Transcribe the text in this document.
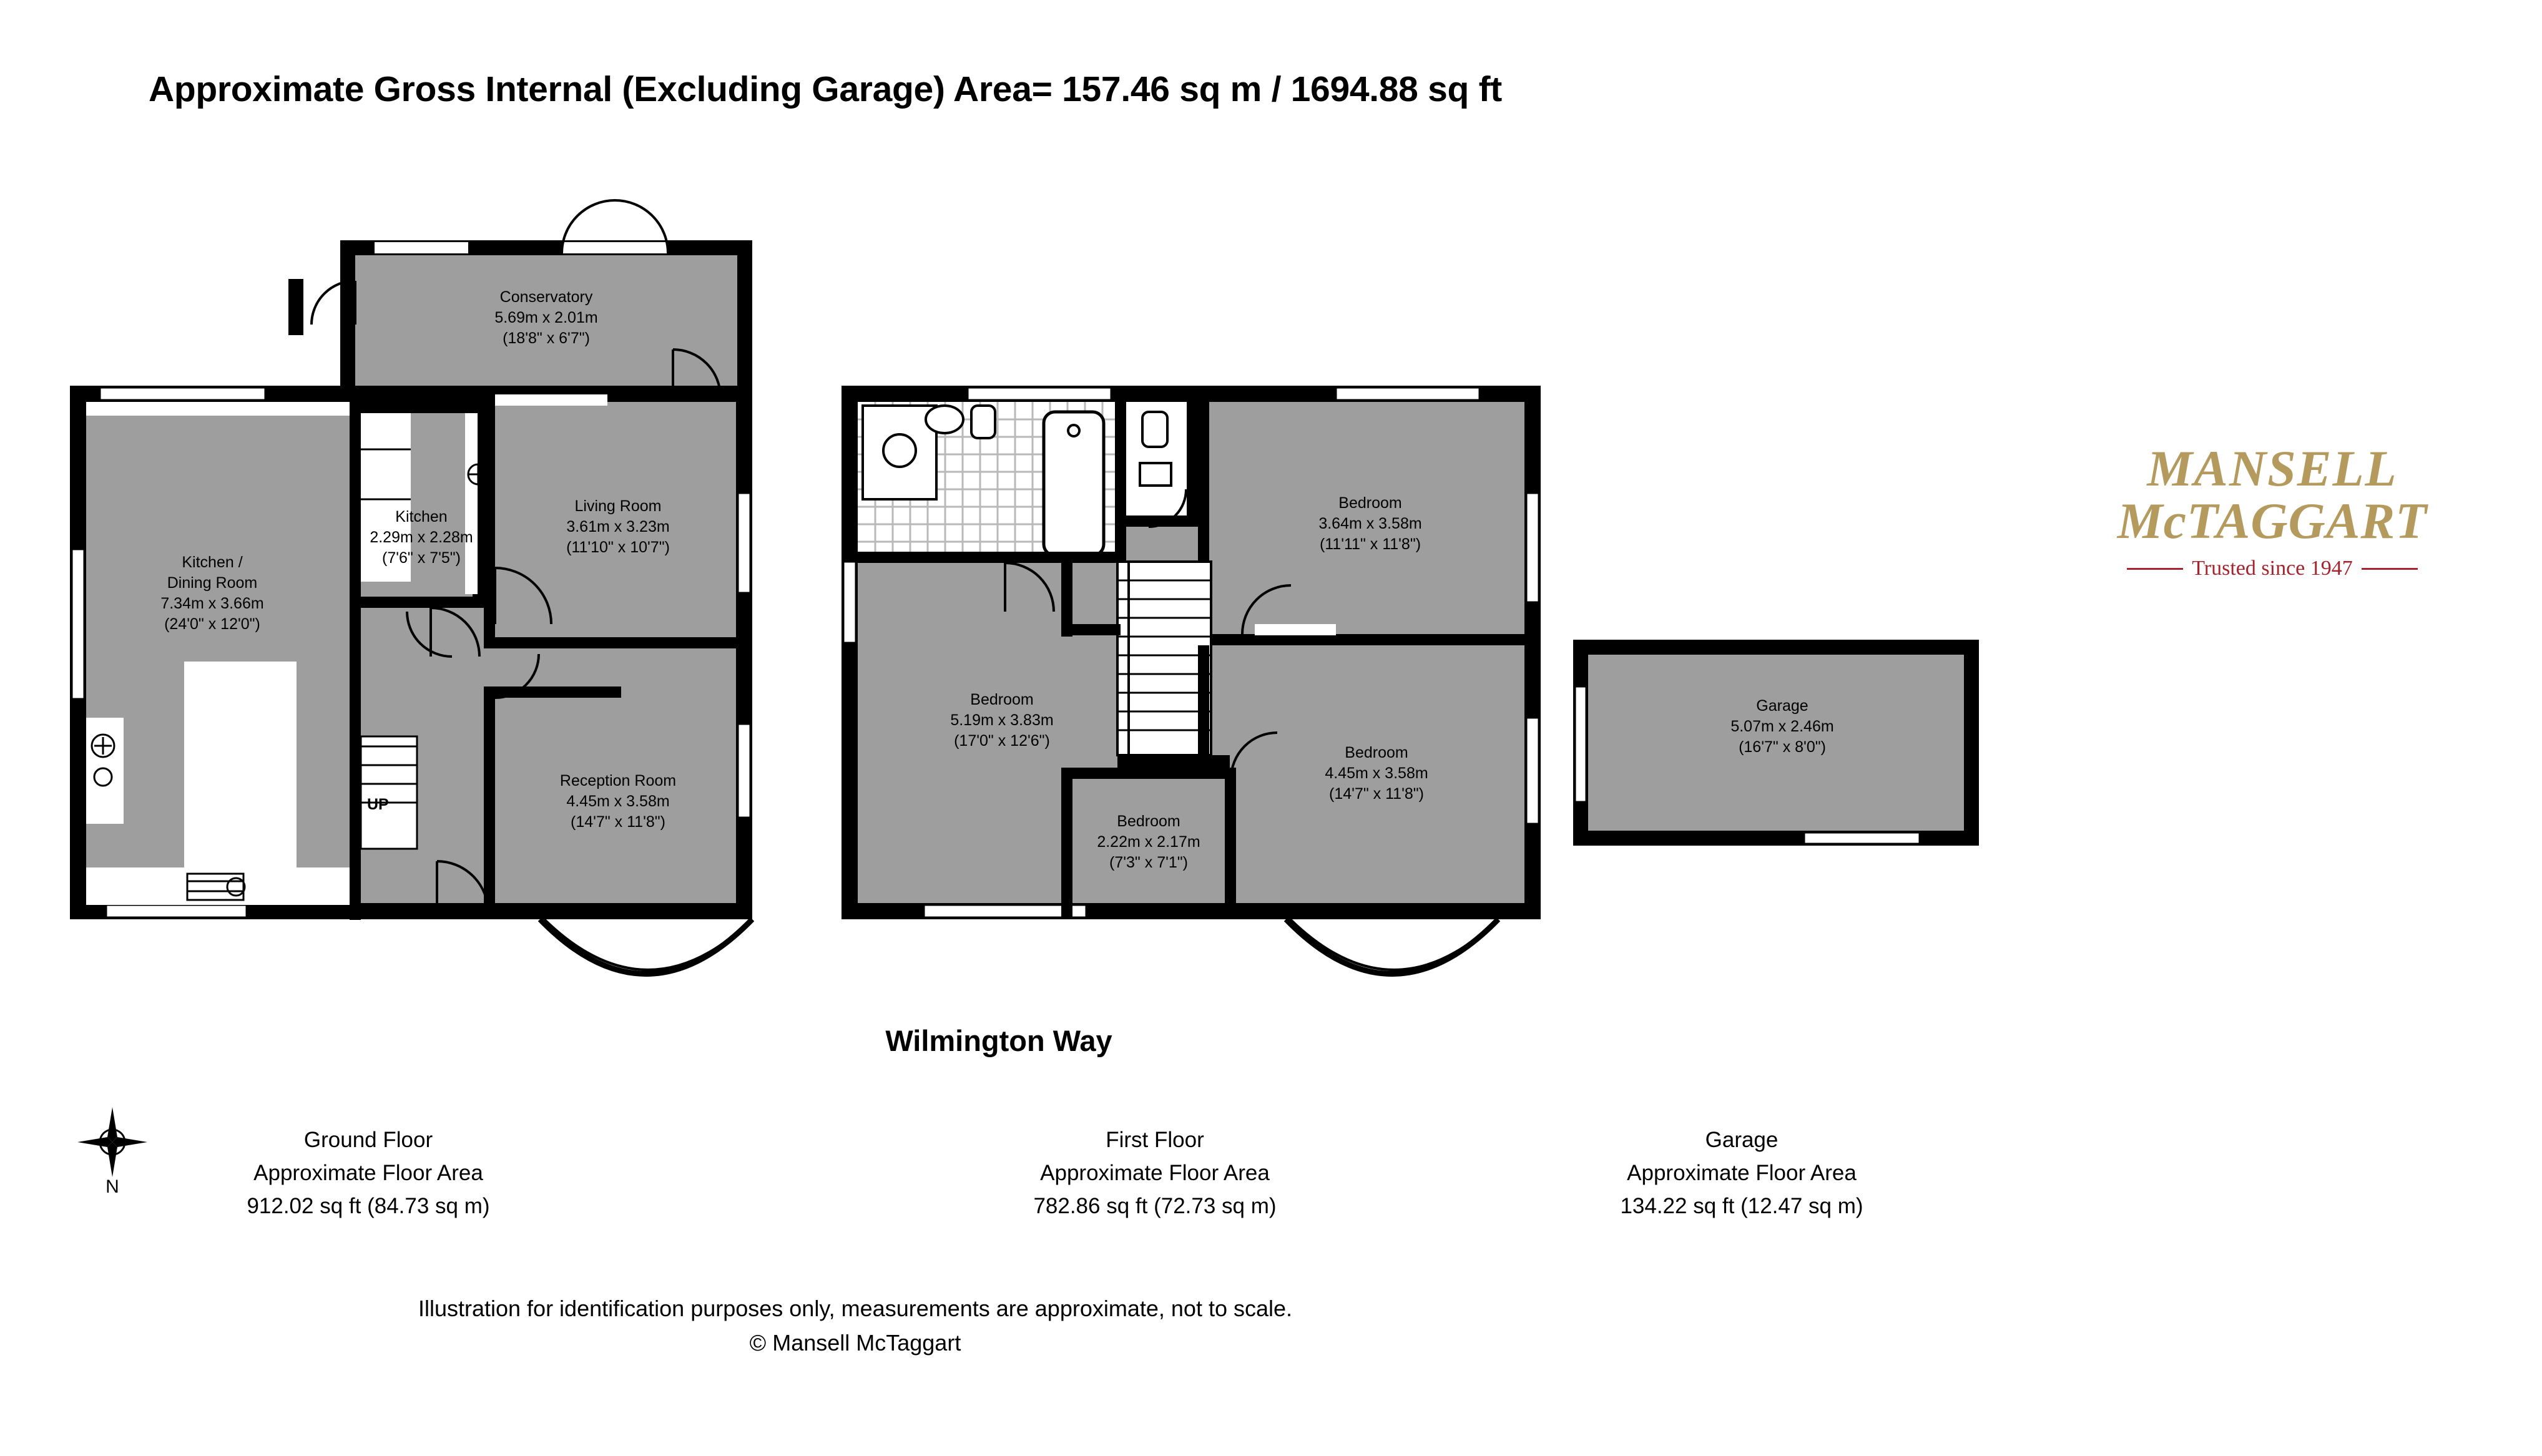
Approximate Gross Internal (Excluding Garage) Area= 157.46 sq m / 1694.88 sq ft
Conservatory
5.69m x 2.01m
(18'8" x 6'7")
Kitchen
2.29m x 2.28m
(7'6" x 7'5")
Living Room
3.61m x 3.23m
(11'10" x 10'7")
Kitchen /
Dining Room
7.34m x 3.66m
(24'0" x 12'0")
Reception Room
4.45m x 3.58m
(14'7" x 11'8")
UP
Bedroom
3.64m x 3.58m
(11'11" x 11'8")
Bedroom
5.19m x 3.83m
(17'0" x 12'6")
Bedroom
4.45m x 3.58m
(14'7" x 11'8")
Bedroom
2.22m x 2.17m
(7'3" x 7'1")
Garage
5.07m x 2.46m
(16'7" x 8'0")
MANSELL
McTAGGART
Trusted since 1947
Wilmington Way
N
Ground Floor
Approximate Floor Area
912.02 sq ft (84.73 sq m)
First Floor
Approximate Floor Area
782.86 sq ft (72.73 sq m)
Garage
Approximate Floor Area
134.22 sq ft (12.47 sq m)
Illustration for identification purposes only, measurements are approximate, not to scale.
© Mansell McTaggart
